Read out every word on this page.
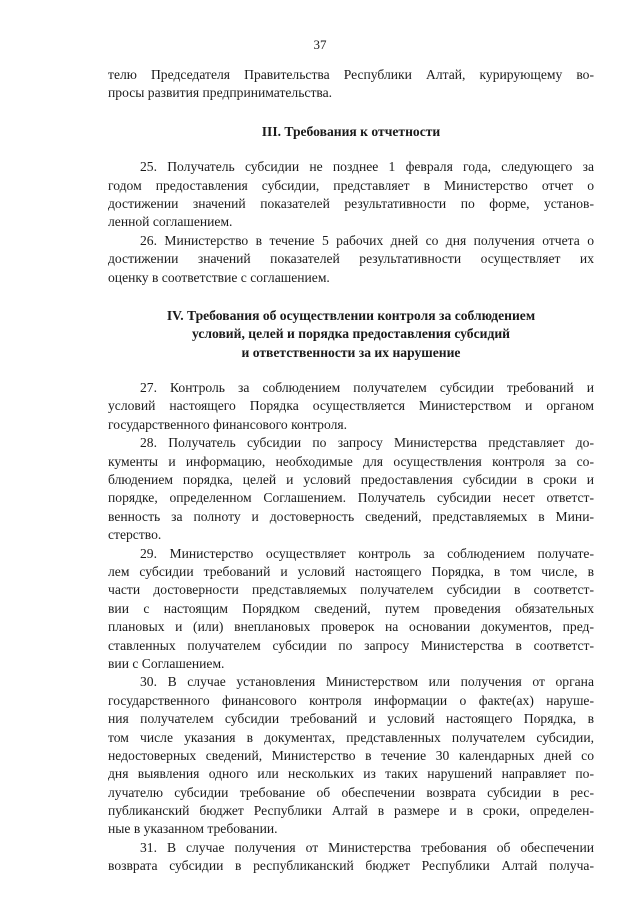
37
телю Председателя Правительства Республики Алтай, курирующему во-
просы развития предпринимательства.
III. Требования к отчетности
25. Получатель субсидии не позднее 1 февраля года, следующего за
годом предоставления субсидии, представляет в Министерство отчет о
достижении значений показателей результативности по форме, установ-
ленной соглашением.
26. Министерство в течение 5 рабочих дней со дня получения отчета о
достижении значений показателей результативности осуществляет их
оценку в соответствие с соглашением.
IV. Требования об осуществлении контроля за соблюдением
условий, целей и порядка предоставления субсидий
и ответственности за их нарушение
27. Контроль за соблюдением получателем субсидии требований и
условий настоящего Порядка осуществляется Министерством и органом
государственного финансового контроля.
28. Получатель субсидии по запросу Министерства представляет до-
кументы и информацию, необходимые для осуществления контроля за со-
блюдением порядка, целей и условий предоставления субсидии в сроки и
порядке, определенном Соглашением. Получатель субсидии несет ответст-
венность за полноту и достоверность сведений, представляемых в Мини-
стерство.
29. Министерство осуществляет контроль за соблюдением получате-
лем субсидии требований и условий настоящего Порядка, в том числе, в
части достоверности представляемых получателем субсидии в соответст-
вии с настоящим Порядком сведений, путем проведения обязательных
плановых и (или) внеплановых проверок на основании документов, пред-
ставленных получателем субсидии по запросу Министерства в соответст-
вии с Соглашением.
30. В случае установления Министерством или получения от органа
государственного финансового контроля информации о факте(ах) наруше-
ния получателем субсидии требований и условий настоящего Порядка, в
том числе указания в документах, представленных получателем субсидии,
недостоверных сведений, Министерство в течение 30 календарных дней со
дня выявления одного или нескольких из таких нарушений направляет по-
лучателю субсидии требование об обеспечении возврата субсидии в рес-
публиканский бюджет Республики Алтай в размере и в сроки, определен-
ные в указанном требовании.
31. В случае получения от Министерства требования об обеспечении
возврата субсидии в республиканский бюджет Республики Алтай получа-
